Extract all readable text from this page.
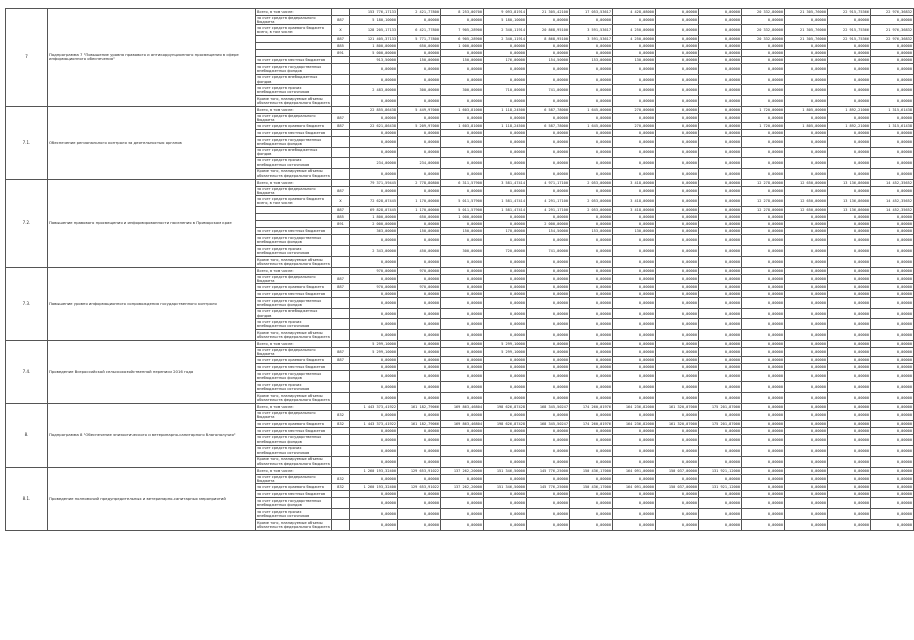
7	Подпрограмма 7 "Повышение уровня правового и антикоррупционного просвещения в сфере информационного обеспечения"	Всего, в том числе:		153 776,17133	2 421,77800	8 253,00700	9 093,81914	21 305,42100	17 053,53617	4 428,08000	0,00000	0,00000	20 332,80000	21 305,76000	22 915,75366	22 976,36832
		за счет средств федерального бюджета	887	5 180,10000	0,00000	0,00000	5 180,10000	0,00000	0,00000	0,00000	0,00000	0,00000	0,00000	0,00000	0,00000	0,00000
		за счет средств краевого бюджета всего, в том числе:	X	128 205,17133	6 421,77800	7 905,28900	2 340,11914	20 868,95100	3 591,53617	4 250,00000	0,00000	0,00000	20 332,80000	21 305,76000	22 915,75366	21 976,36832
			887	121 405,37133	5 771,77800	6 905,28900	2 340,11914	8 868,95100	3 591,53617	4 250,00000	0,00000	0,00000	20 332,80000	21 305,76000	22 915,75366	22 976,36832
			885	1 800,00000	650,00000	1 000,00000	0,00000	0,00000	0,00000	0,00000	0,00000	0,00000	0,00000	0,00000	0,00000	0,00000
			891	5 000,00000	0,00000	0,00000	0,00000	0,00000	0,00000	0,00000	0,00000	0,00000	0,00000	0,00000	0,00000	0,00000
		за счет средств местных бюджетов		913,50000	150,00000	150,00000	176,00000	154,50000	153,00000	130,00000	0,00000	0,00000	0,00000	0,00000	0,00000	0,00000
		за счет средств государственных внебюджетных фондов		0,00000	0,00000	0,00000	0,00000	0,00000	0,00000	0,00000	0,00000	0,00000	0,00000	0,00000	0,00000	0,00000
		за счет средств внебюджетных фондов		0,00000	0,00000	0,00000	0,00000	0,00000	0,00000	0,00000	0,00000	0,00000	0,00000	0,00000	0,00000	0,00000
		за счет средств прочих внебюджетных источников		2 483,00000	300,00000	300,00000	710,00000	741,00000	0,00000	0,00000	0,00000	0,00000	0,00000	0,00000	0,00000	0,00000
		Кроме того, планируемые объемы обязательств федерального бюджета		0,00000	0,00000	0,00000	0,00000	0,00000	0,00000	0,00000	0,00000	0,00000	0,00000	0,00000	0,00000	0,00000
7.1.	Обеспечение регионального контроля за деятельностью органов	Всего, в том числе:		22 855,86438	5 449,97000	1 603,81000	1 118,24500	6 587,78000	1 645,00000	270,00000	0,00000	0,00000	1 720,00000	1 805,00000	1 892,21000	1 315,61438
		за счет средств федерального бюджета	887	0,00000	0,00000	0,00000	0,00000	0,00000	0,00000	0,00000	0,00000	0,00000	0,00000	0,00000	0,00000	0,00000
		за счет средств краевого бюджета	887	22 621,86438	5 209,97000	1 603,81000	1 118,24500	6 587,78000	1 645,00000	270,00000	0,00000	0,00000	1 720,00000	1 805,00000	1 892,21000	1 315,61438
		за счет средств местных бюджетов		0,00000	0,00000	0,00000	0,00000	0,00000	0,00000	0,00000	0,00000	0,00000	0,00000	0,00000	0,00000	0,00000
		за счет средств государственных внебюджетных фондов		0,00000	0,00000	0,00000	0,00000	0,00000	0,00000	0,00000	0,00000	0,00000	0,00000	0,00000	0,00000	0,00000
		за счет средств внебюджетных фондов		0,00000	0,00000	0,00000	0,00000	0,00000	0,00000	0,00000	0,00000	0,00000	0,00000	0,00000	0,00000	0,00000
		за счет средств прочих внебюджетных источников		234,00000	234,00000	0,00000	0,00000	0,00000	0,00000	0,00000	0,00000	0,00000	0,00000	0,00000	0,00000	0,00000
		Кроме того, планируемые объемы обязательств федерального бюджета		0,00000	0,00000	0,00000	0,00000	0,00000	0,00000	0,00000	0,00000	0,00000	0,00000	0,00000	0,00000	0,00000
7.2.	Повышение правового просвещения и информированности населения в Приморском крае	Всего, в том числе:		79 371,59445	2 778,80800	6 311,57900	3 581,47414	4 971,17100	2 053,00000	3 418,00000	0,00000	0,00000	12 278,00000	12 650,00000	13 136,86000	14 452,35652
		за счет средств федерального бюджета	887	0,00000	0,00000	0,00000	0,00000	0,00000	0,00000	0,00000	0,00000	0,00000	0,00000	0,00000	0,00000	0,00000
		за счет средств краевого бюджета всего, в том числе:	X	72 628,07445	1 170,00000	5 011,57900	1 581,47414	4 291,17100	2 053,00000	3 418,00000	0,00000	0,00000	12 278,00000	12 650,00000	13 136,86000	14 452,35652
			887	69 828,07445	1 170,00000	5 011,57900	1 581,47414	4 291,17100	2 053,00000	3 418,00000	0,00000	0,00000	12 278,00000	12 650,00000	13 136,86000	14 452,35652
			885	1 800,00000	650,00000	1 000,00000	0,00000	0,00000	0,00000	0,00000	0,00000	0,00000	0,00000	0,00000	0,00000	0,00000
			891	2 000,00000	0,00000	0,00000	0,00000	2 000,00000	0,00000	0,00000	0,00000	0,00000	0,00000	0,00000	0,00000	0,00000
		за счет средств местных бюджетов		363,00000	150,00000	150,00000	170,00000	154,50000	153,00000	130,00000	0,00000	0,00000	0,00000	0,00000	0,00000	0,00000
		за счет средств государственных внебюджетных фондов		0,00000	0,00000	0,00000	0,00000	0,00000	0,00000	0,00000	0,00000	0,00000	0,00000	0,00000	0,00000	0,00000
		за счет средств прочих внебюджетных источников		2 343,00000	450,00000	300,00000	720,00000	741,00000	0,00000	0,00000	0,00000	0,00000	0,00000	0,00000	0,00000	0,00000
		Кроме того, планируемые объемы обязательств федерального бюджета		0,00000	0,00000	0,00000	0,00000	0,00000	0,00000	0,00000	0,00000	0,00000	0,00000	0,00000	0,00000	0,00000
7.3.	Повышение уровня информационного сопровождения государственного контроля	Всего, в том числе:		970,00000	970,00000	0,00000	0,00000	0,00000	0,00000	0,00000	0,00000	0,00000	0,00000	0,00000	0,00000	0,00000
		за счет средств федерального бюджета	887	0,00000	0,00000	0,00000	0,00000	0,00000	0,00000	0,00000	0,00000	0,00000	0,00000	0,00000	0,00000	0,00000
		за счет средств краевого бюджета	887	970,00000	970,00000	0,00000	0,00000	0,00000	0,00000	0,00000	0,00000	0,00000	0,00000	0,00000	0,00000	0,00000
		за счет средств местных бюджетов		0,00000	0,00000	0,00000	0,00000	0,00000	0,00000	0,00000	0,00000	0,00000	0,00000	0,00000	0,00000	0,00000
		за счет средств государственных внебюджетных фондов		0,00000	0,00000	0,00000	0,00000	0,00000	0,00000	0,00000	0,00000	0,00000	0,00000	0,00000	0,00000	0,00000
		за счет средств внебюджетных фондов		0,00000	0,00000	0,00000	0,00000	0,00000	0,00000	0,00000	0,00000	0,00000	0,00000	0,00000	0,00000	0,00000
		за счет средств прочих внебюджетных источников		0,00000	0,00000	0,00000	0,00000	0,00000	0,00000	0,00000	0,00000	0,00000	0,00000	0,00000	0,00000	0,00000
		Кроме того, планируемые объемы обязательств федерального бюджета		0,00000	0,00000	0,00000	0,00000	0,00000	0,00000	0,00000	0,00000	0,00000	0,00000	0,00000	0,00000	0,00000
7.4.	Проведение Всероссийской сельскохозяйственной переписи 2016 года	Всего, в том числе:		5 299,10000	0,00000	0,00000	5 299,10000	0,00000	0,00000	0,00000	0,00000	0,00000	0,00000	0,00000	0,00000	0,00000
		за счет средств федерального бюджета	887	5 299,10000	0,00000	0,00000	5 299,10000	0,00000	0,00000	0,00000	0,00000	0,00000	0,00000	0,00000	0,00000	0,00000
		за счет средств краевого бюджета	887	0,00000	0,00000	0,00000	0,00000	0,00000	0,00000	0,00000	0,00000	0,00000	0,00000	0,00000	0,00000	0,00000
		за счет средств местных бюджетов		0,00000	0,00000	0,00000	0,00000	0,00000	0,00000	0,00000	0,00000	0,00000	0,00000	0,00000	0,00000	0,00000
		за счет средств государственных внебюджетных фондов		0,00000	0,00000	0,00000	0,00000	0,00000	0,00000	0,00000	0,00000	0,00000	0,00000	0,00000	0,00000	0,00000
		за счет средств прочих внебюджетных источников		0,00000	0,00000	0,00000	0,00000	0,00000	0,00000	0,00000	0,00000	0,00000	0,00000	0,00000	0,00000	0,00000
		Кроме того, планируемые объемы обязательств федерального бюджета		0,00000	0,00000	0,00000	0,00000	0,00000	0,00000	0,00000	0,00000	0,00000	0,00000	0,00000	0,00000	0,00000
8.	Подпрограмма 8 "Обеспечение эпизоотического и ветеринарно-санитарного благополучия"	Всего, в том числе:		1 443 373,41922	161 182,79066	169 863,46804	198 626,87428	168 345,50247	174 260,01976	164 236,82000	161 320,07000	175 201,87000	0,00000	0,00000	0,00000	0,00000
		за счет средств федерального бюджета	832	0,00000	0,00000	0,00000	0,00000	0,00000	0,00000	0,00000	0,00000	0,00000	0,00000	0,00000	0,00000	0,00000
		за счет средств краевого бюджета	832	1 443 373,41922	161 182,79066	169 863,46804	198 626,87428	168 345,50247	174 260,01976	164 236,82000	161 320,07000	175 201,87000	0,00000	0,00000	0,00000	0,00000
		за счет средств местных бюджетов		0,00000	0,00000	0,00000	0,00000	0,00000	0,00000	0,00000	0,00000	0,00000	0,00000	0,00000	0,00000	0,00000
		за счет средств государственных внебюджетных фондов		0,00000	0,00000	0,00000	0,00000	0,00000	0,00000	0,00000	0,00000	0,00000	0,00000	0,00000	0,00000	0,00000
		за счет средств прочих внебюджетных источников		0,00000	0,00000	0,00000	0,00000	0,00000	0,00000	0,00000	0,00000	0,00000	0,00000	0,00000	0,00000	0,00000
		Кроме того, планируемые объемы обязательств федерального бюджета		0,00000	0,00000	0,00000	0,00000	0,00000	0,00000	0,00000	0,00000	0,00000	0,00000	0,00000	0,00000	0,00000
8.1.	Проведение полномочий предупредительных и ветеринарно-санитарных мероприятий	Всего, в том числе:		1 260 193,32400	129 653,91022	137 262,20000	151 346,50000	145 776,25000	150 436,17000	164 091,00000	150 037,00000	131 921,12000	0,00000	0,00000	0,00000	0,00000
		за счет средств федерального бюджета	832	0,00000	0,00000	0,00000	0,00000	0,00000	0,00000	0,00000	0,00000	0,00000	0,00000	0,00000	0,00000	0,00000
		за счет средств краевого бюджета	832	1 260 193,32400	129 653,91022	137 262,20000	151 346,50000	145 776,25000	150 436,17000	164 091,00000	150 037,00000	131 921,12000	0,00000	0,00000	0,00000	0,00000
		за счет средств местных бюджетов		0,00000	0,00000	0,00000	0,00000	0,00000	0,00000	0,00000	0,00000	0,00000	0,00000	0,00000	0,00000	0,00000
		за счет средств государственных внебюджетных фондов		0,00000	0,00000	0,00000	0,00000	0,00000	0,00000	0,00000	0,00000	0,00000	0,00000	0,00000	0,00000	0,00000
		за счет средств прочих внебюджетных источников		0,00000	0,00000	0,00000	0,00000	0,00000	0,00000	0,00000	0,00000	0,00000	0,00000	0,00000	0,00000	0,00000
		Кроме того, планируемые объемы обязательств федерального бюджета		0,00000	0,00000	0,00000	0,00000	0,00000	0,00000	0,00000	0,00000	0,00000	0,00000	0,00000	0,00000	0,00000
